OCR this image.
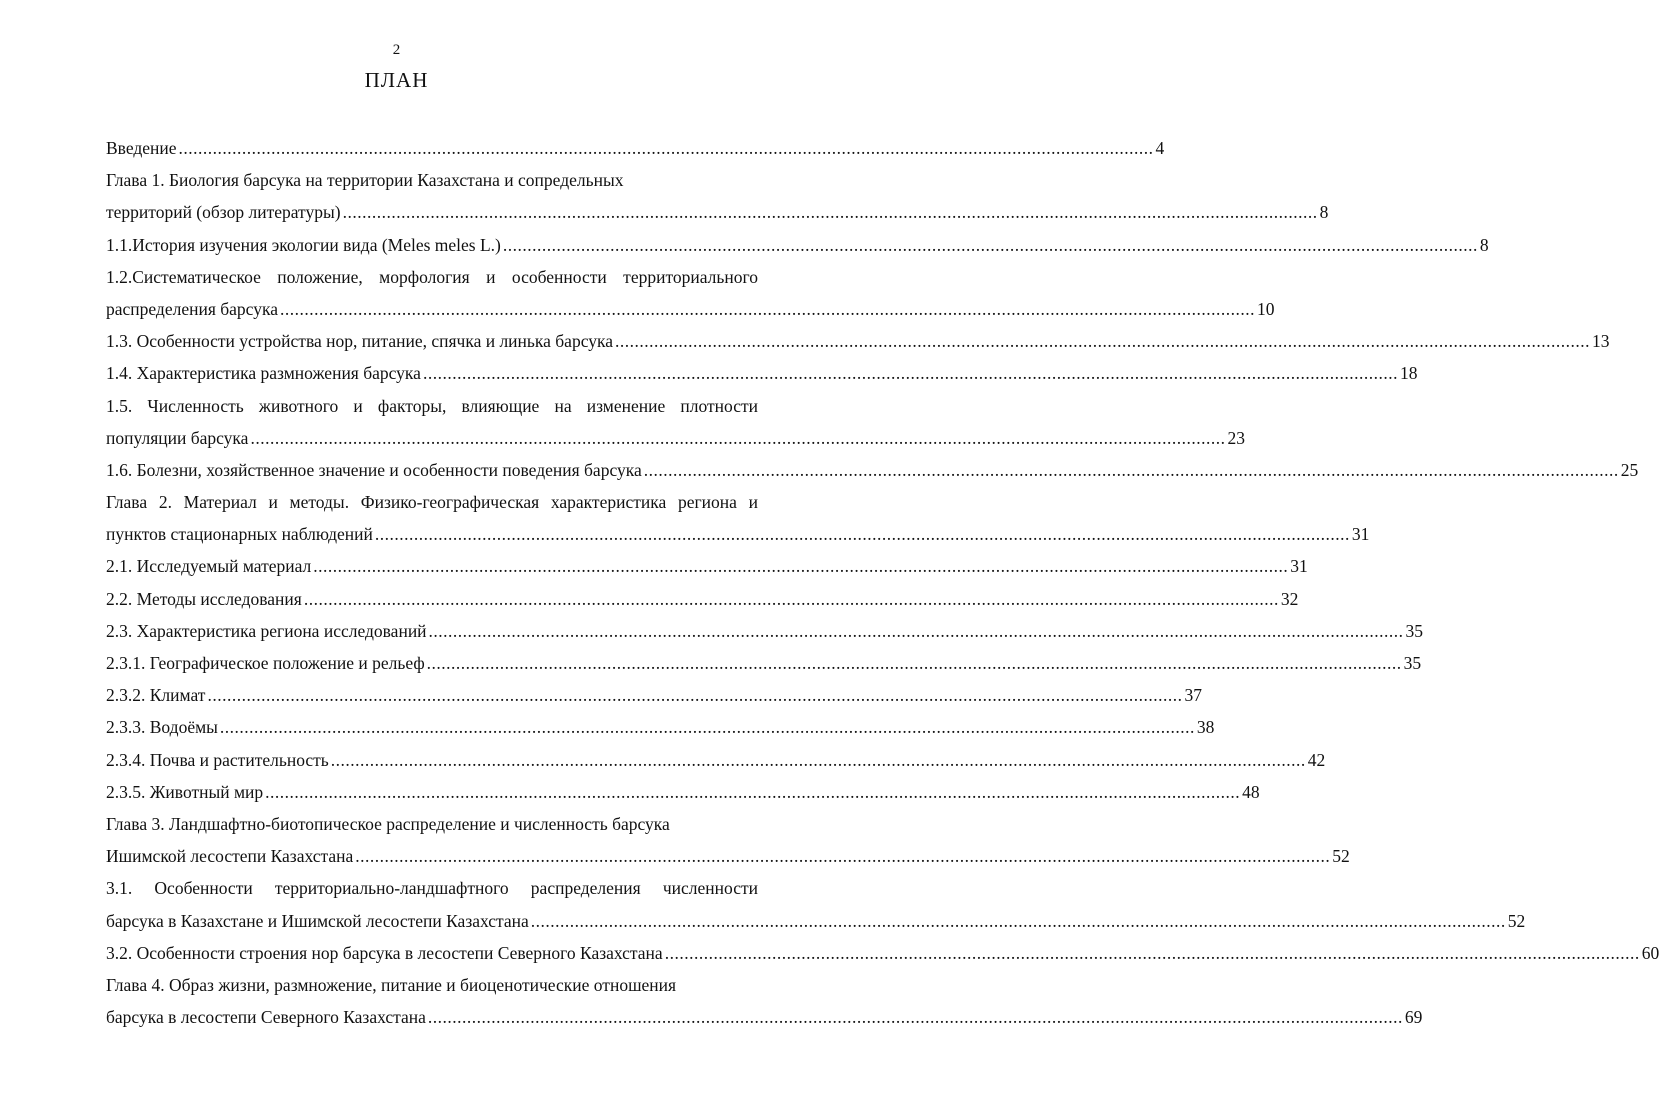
2
ПЛАН
Введение .....	4
Глава 1. Биология барсука на территории Казахстана и сопредельных
территорий (обзор литературы) .....	8
1.1.История изучения экологии вида (Meles meles L.) .....	8
1.2.Систематическое положение, морфология и особенности территориального
распределения барсука .....	10
1.3. Особенности устройства нор, питание, спячка и линька барсука .....	13
1.4. Характеристика размножения барсука .....	18
1.5. Численность животного и факторы, влияющие на изменение плотности
популяции барсука .....	23
1.6. Болезни, хозяйственное значение и особенности поведения барсука .....	25
Глава 2. Материал и методы. Физико-географическая характеристика региона и
пунктов стационарных наблюдений .....	31
2.1. Исследуемый материал .....	31
2.2. Методы исследования .....	32
2.3. Характеристика региона исследований .....	35
2.3.1. Географическое положение и рельеф .....	35
2.3.2. Климат .....	37
2.3.3. Водоёмы .....	38
2.3.4. Почва и растительность .....	42
2.3.5. Животный мир .....	48
Глава 3. Ландшафтно-биотопическое распределение и численность барсука
Ишимской лесостепи Казахстана .....	52
3.1. Особенности территориально-ландшафтного распределения численности
барсука в Казахстане и Ишимской лесостепи Казахстана .....	52
3.2. Особенности строения нор барсука в лесостепи Северного Казахстана .....	60
Глава 4. Образ жизни, размножение, питание и биоценотические отношения
барсука в лесостепи Северного Казахстана .....	69
